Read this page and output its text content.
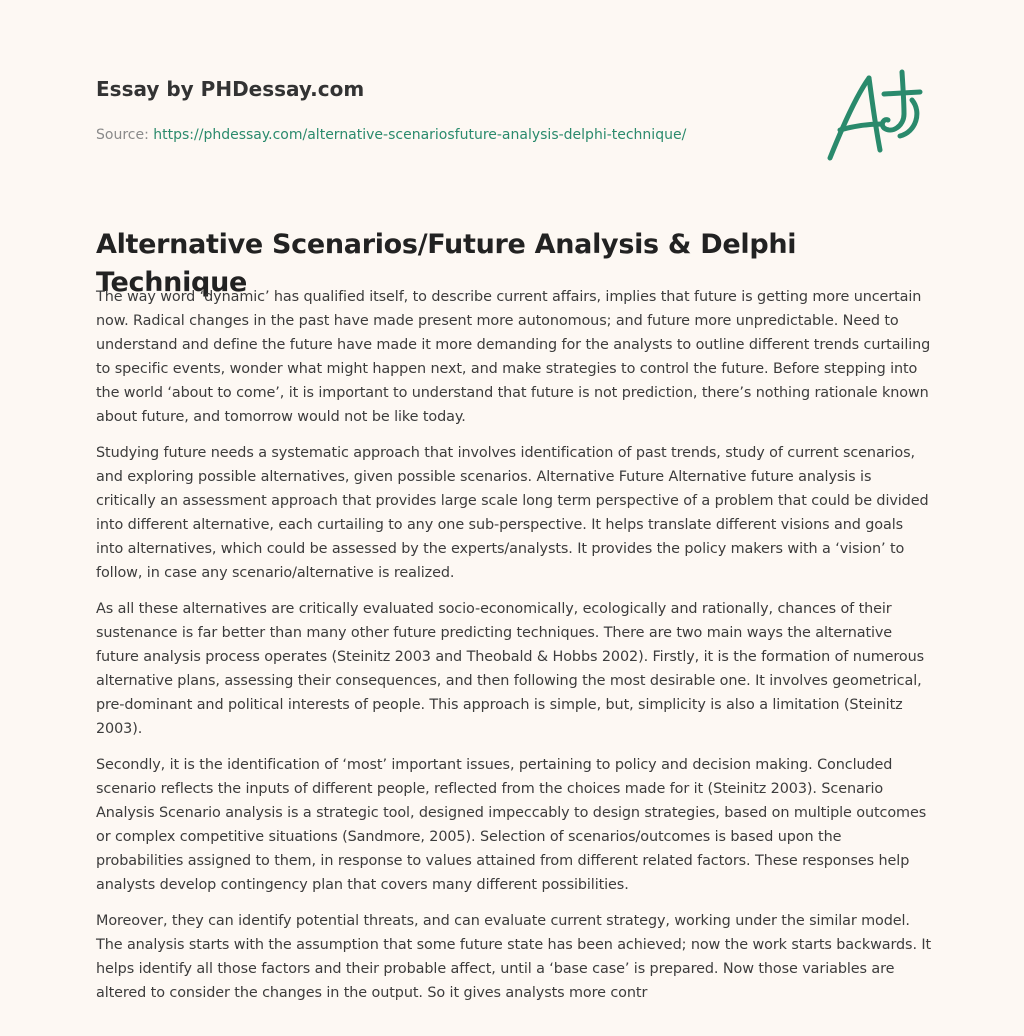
Essay by PHDessay.com
Source: https://phdessay.com/alternative-scenariosfuture-analysis-delphi-technique/
Alternative Scenarios/Future Analysis & Delphi Technique

The way word ‘dynamic’ has qualified itself, to describe current affairs, implies that future is getting more uncertain now. Radical changes in the past have made present more autonomous; and future more unpredictable. Need to understand and define the future have made it more demanding for the analysts to outline different trends curtailing to specific events, wonder what might happen next, and make strategies to control the future. Before stepping into the world ‘about to come’, it is important to understand that future is not prediction, there’s nothing rationale known about future, and tomorrow would not be like today.

Studying future needs a systematic approach that involves identification of past trends, study of current scenarios, and exploring possible alternatives, given possible scenarios. Alternative Future Alternative future analysis is critically an assessment approach that provides large scale long term perspective of a problem that could be divided into different alternative, each curtailing to any one sub-perspective. It helps translate different visions and goals into alternatives, which could be assessed by the experts/analysts. It provides the policy makers with a ‘vision’ to follow, in case any scenario/alternative is realized.

As all these alternatives are critically evaluated socio-economically, ecologically and rationally, chances of their sustenance is far better than many other future predicting techniques. There are two main ways the alternative future analysis process operates (Steinitz 2003 and Theobald & Hobbs 2002). Firstly, it is the formation of numerous alternative plans, assessing their consequences, and then following the most desirable one. It involves geometrical, pre-dominant and political interests of people. This approach is simple, but, simplicity is also a limitation (Steinitz 2003).

Secondly, it is the identification of ‘most’ important issues, pertaining to policy and decision making. Concluded scenario reflects the inputs of different people, reflected from the choices made for it (Steinitz 2003). Scenario Analysis Scenario analysis is a strategic tool, designed impeccably to design strategies, based on multiple outcomes or complex competitive situations (Sandmore, 2005). Selection of scenarios/outcomes is based upon the probabilities assigned to them, in response to values attained from different related factors. These responses help analysts develop contingency plan that covers many different possibilities.

Moreover, they can identify potential threats, and can evaluate current strategy, working under the similar model. The analysis starts with the assumption that some future state has been achieved; now the work starts backwards. It helps identify all those factors and their probable affect, until a ‘base case’ is prepared. Now those variables are altered to consider the changes in the output. So it gives analysts more contr
